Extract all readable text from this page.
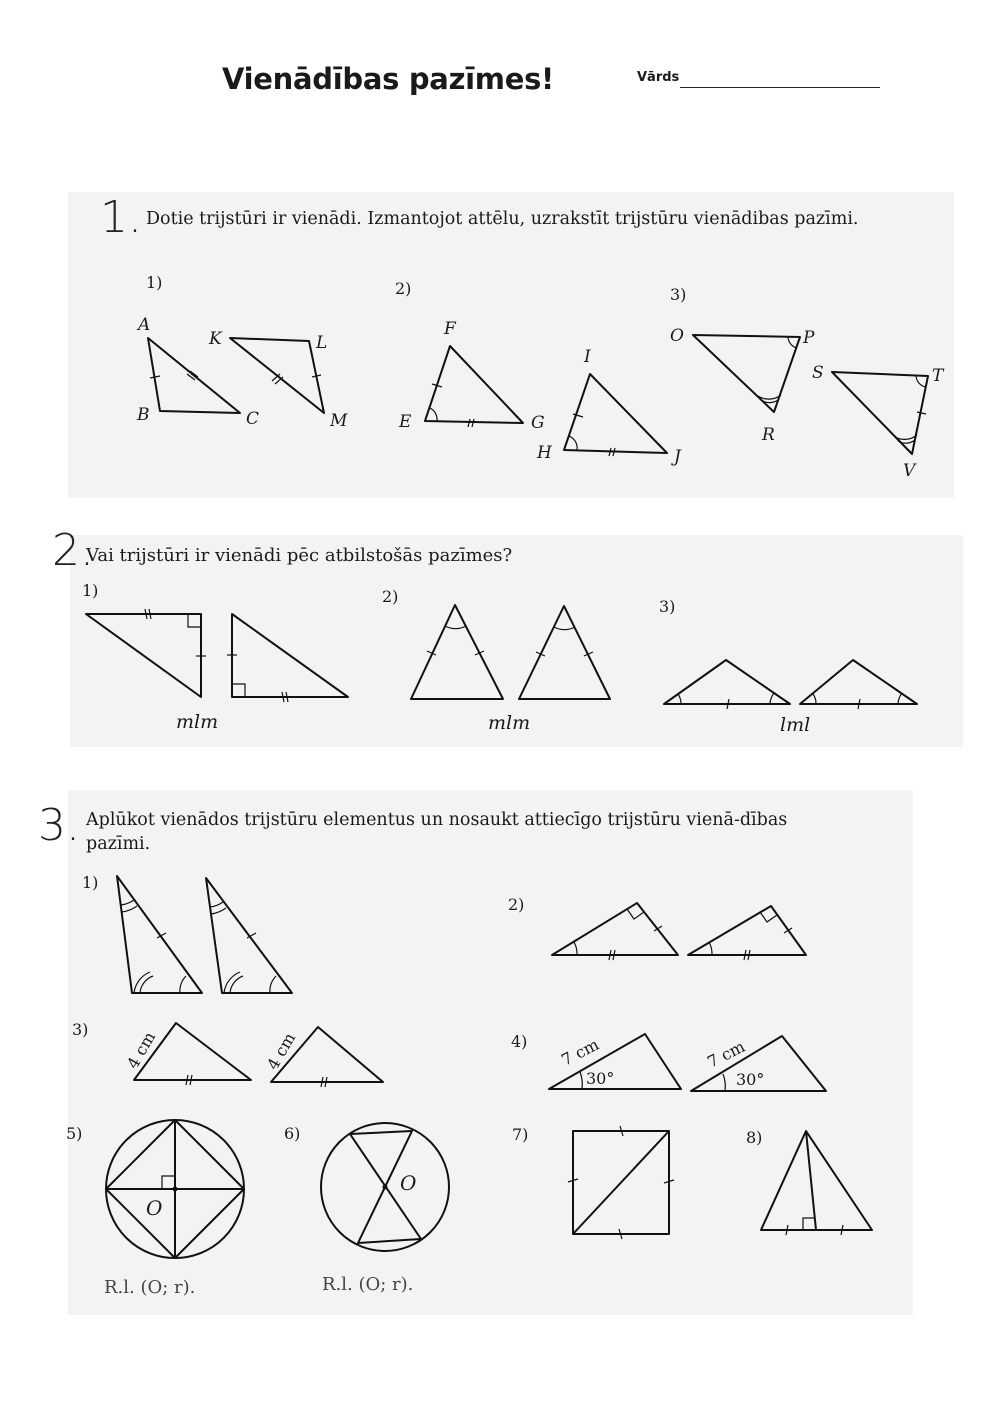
Vienādības pazīmes!	Vārds
1. Dotie trijstūri ir vienādi. Izmantojot attēlu, uzrakstīt trijstūru vienādibas pazīmi.
1)	2)	3)
A
B	C
K	L
M
F
E	G
I
H	J
O	P
R
S	T
V
2.
Vai trijstūri ir vienādi pēc atbilstošās pazīmes?
1)	2)
3)
mlm	mlm	lml
3. Aplūkot vienādos trijstūru elementus un nosaukt attiecīgo trijstūru vienā-dības pazīmi.
1)
2)
3)
4)
5)	6)	7)	8)
4 cm	4 cm	7 cm	7 cm
30°	30°
O
R.l. (O; r).
O
R.l. (O; r).
